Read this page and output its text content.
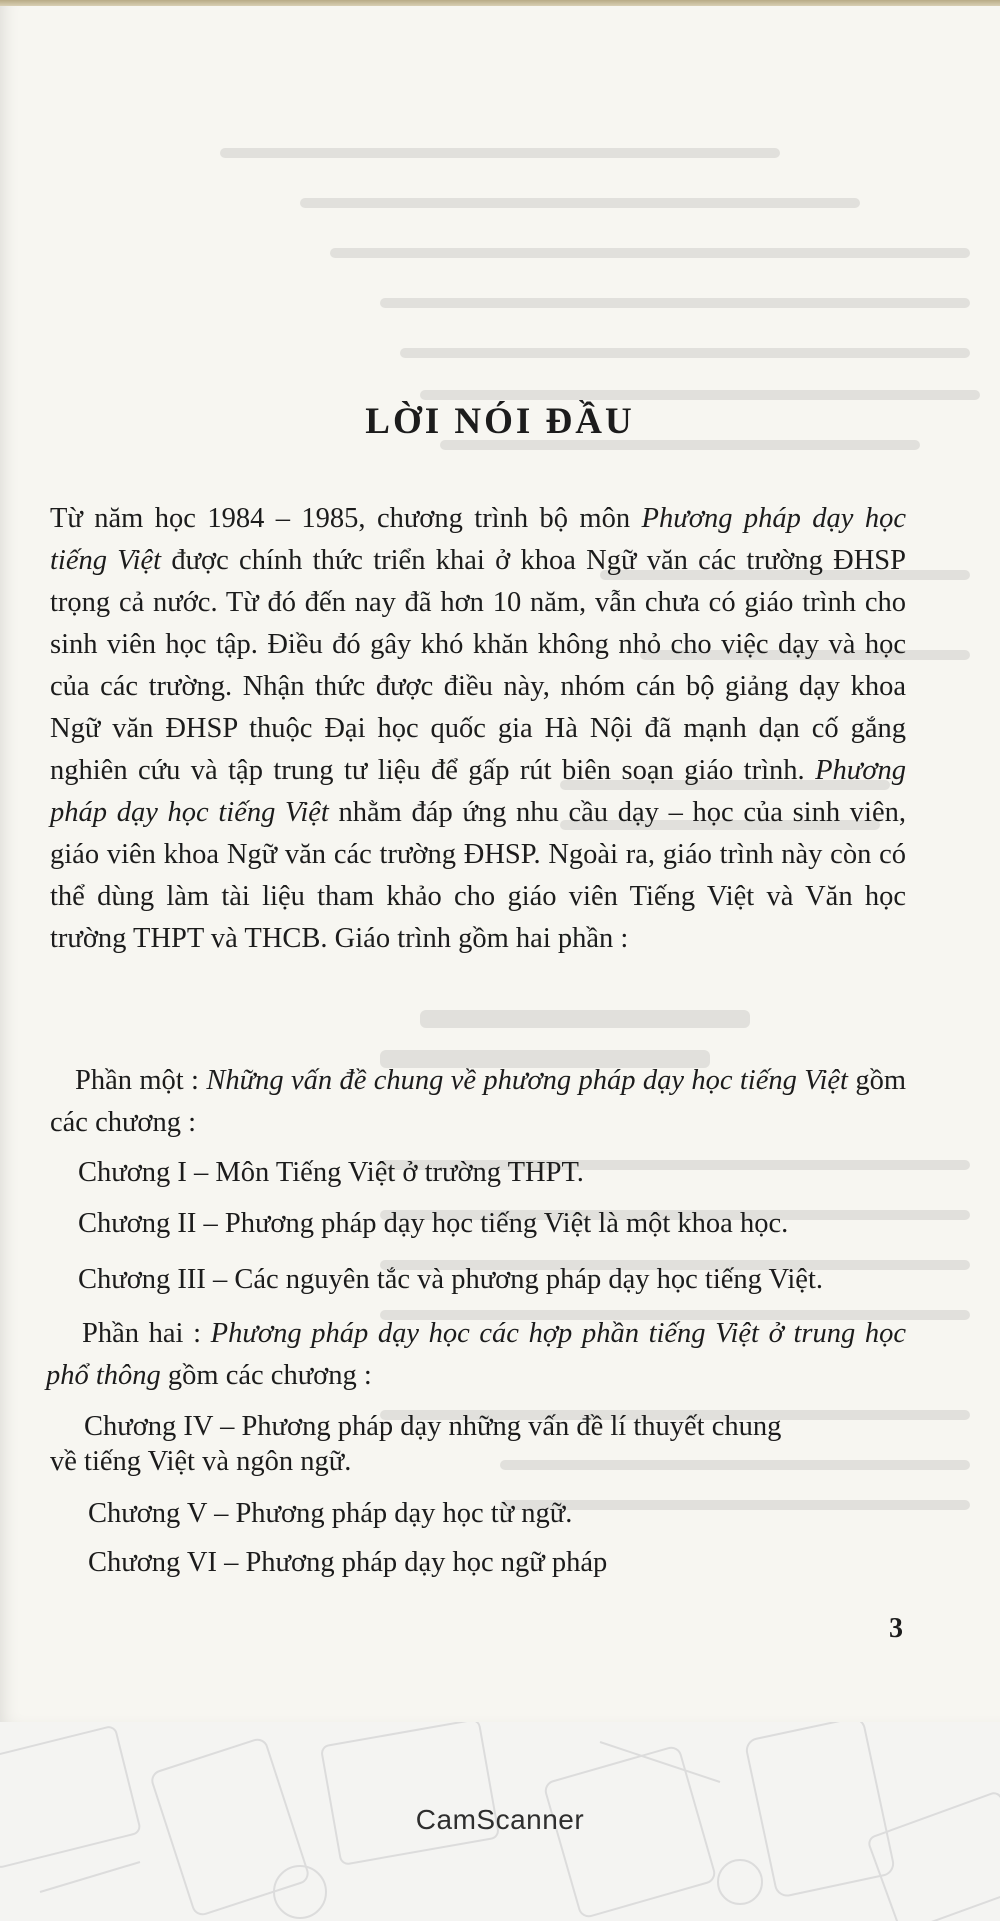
LỜI NÓI ĐẦU
Từ năm học 1984 – 1985, chương trình bộ môn Phương pháp dạy học tiếng Việt được chính thức triển khai ở khoa Ngữ văn các trường ĐHSP trọng cả nước. Từ đó đến nay đã hơn 10 năm, vẫn chưa có giáo trình cho sinh viên học tập. Điều đó gây khó khăn không nhỏ cho việc dạy và học của các trường. Nhận thức được điều này, nhóm cán bộ giảng dạy khoa Ngữ văn ĐHSP thuộc Đại học quốc gia Hà Nội đã mạnh dạn cố gắng nghiên cứu và tập trung tư liệu để gấp rút biên soạn giáo trình. Phương pháp dạy học tiếng Việt nhằm đáp ứng nhu cầu dạy – học của sinh viên, giáo viên khoa Ngữ văn các trường ĐHSP. Ngoài ra, giáo trình này còn có thể dùng làm tài liệu tham khảo cho giáo viên Tiếng Việt và Văn học trường THPT và THCB. Giáo trình gồm hai phần :
Phần một : Những vấn đề chung về phương pháp dạy học tiếng Việt gồm các chương :
Chương I – Môn Tiếng Việt ở trường THPT.
Chương II – Phương pháp dạy học tiếng Việt là một khoa học.
Chương III – Các nguyên tắc và phương pháp dạy học tiếng Việt.
Phần hai : Phương pháp dạy học các hợp phần tiếng Việt ở trung học phổ thông gồm các chương :
Chương IV – Phương pháp dạy những vấn đề lí thuyết chung
về tiếng Việt và ngôn ngữ.
Chương V – Phương pháp dạy học từ ngữ.
Chương VI – Phương pháp dạy học ngữ pháp
3
CamScanner
